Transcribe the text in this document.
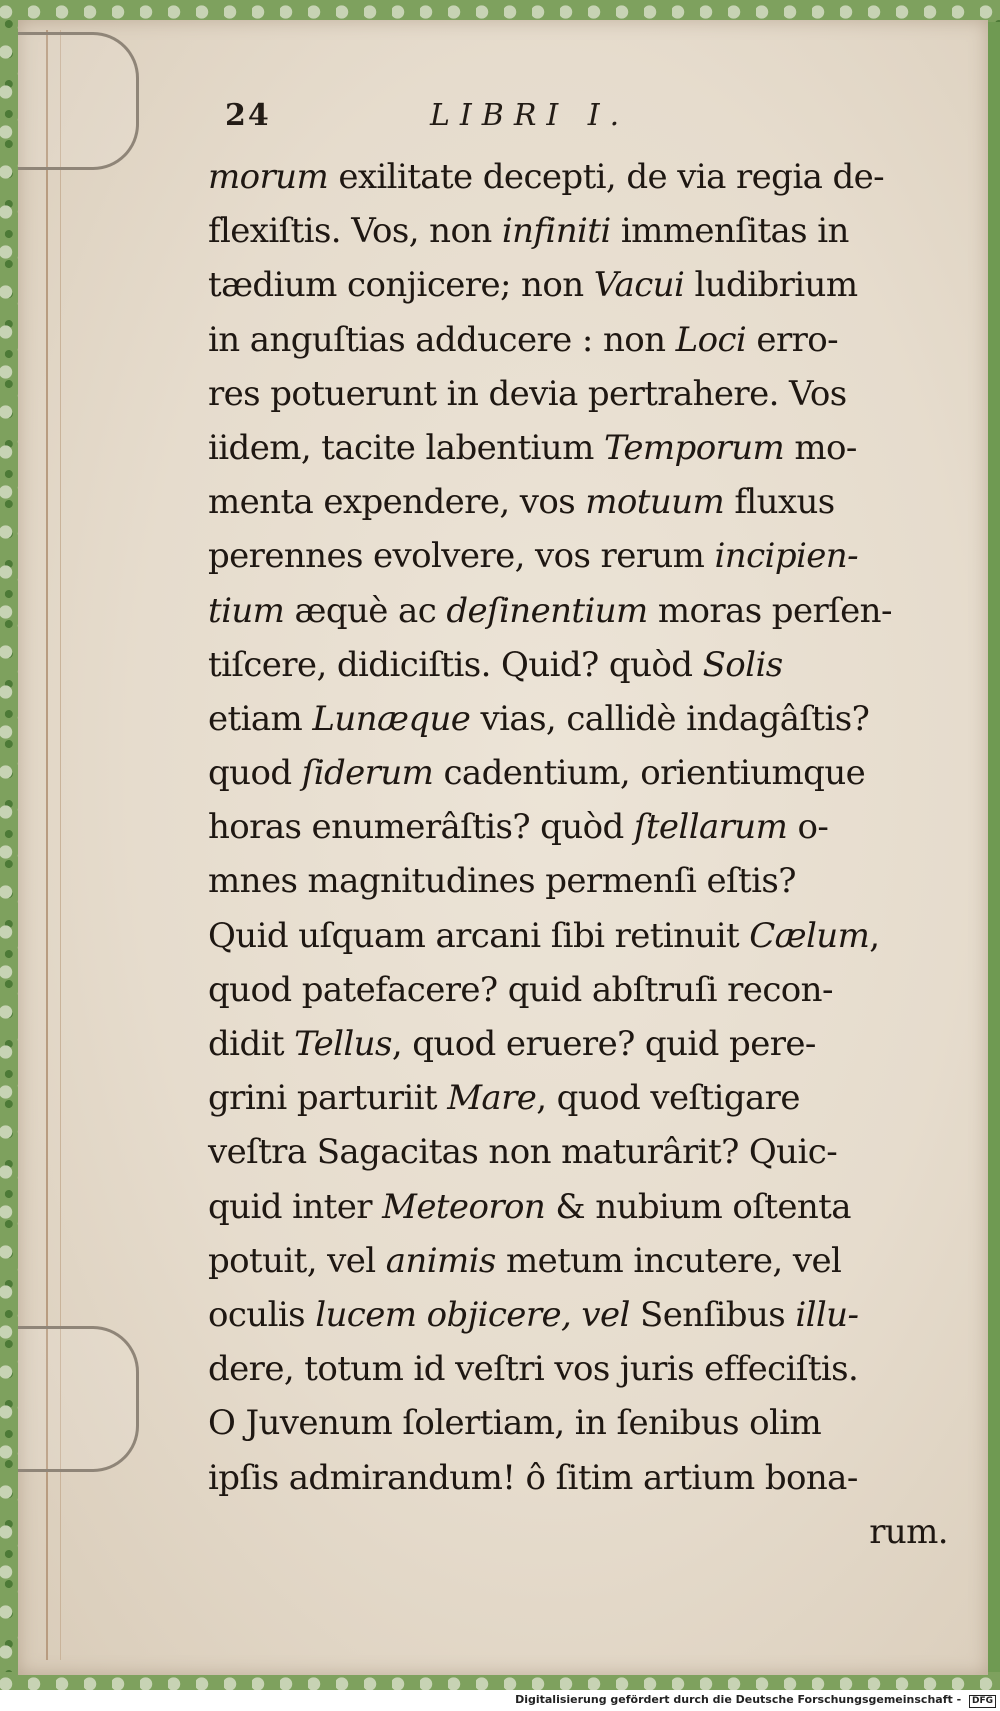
24	LIBRI I.
morum exilitate decepti, de via regia de-
flexiſtis. Vos, non infiniti immenſitas in
tædium conjicere; non Vacui ludibrium
in anguſtias adducere : non Loci erro-
res potuerunt in devia pertrahere. Vos
iidem, tacite labentium Temporum mo-
menta expendere, vos motuum fluxus
perennes evolvere, vos rerum incipien-
tium æquè ac deſinentium moras perſen-
tiſcere, didiciſtis. Quid? quòd Solis
etiam Lunæque vias, callidè indagâſtis?
quod ſiderum cadentium, orientiumque
horas enumerâſtis? quòd ſtellarum o-
mnes magnitudines permenſi eſtis?
Quid uſquam arcani ſibi retinuit Cælum,
quod patefacere? quid abſtruſi recon-
didit Tellus, quod eruere? quid pere-
grini parturiit Mare, quod veſtigare
veſtra Sagacitas non maturârit? Quic-
quid inter Meteoron & nubium oſtenta
potuit, vel animis metum incutere, vel
oculis lucem objicere, vel Senſibus illu-
dere, totum id veſtri vos juris effeciſtis.
O Juvenum ſolertiam, in ſenibus olim
ipſis admirandum! ô ſitim artium bona-
rum.
Digitalisierung gefördert durch die Deutsche Forschungsgemeinschaft - DFG
